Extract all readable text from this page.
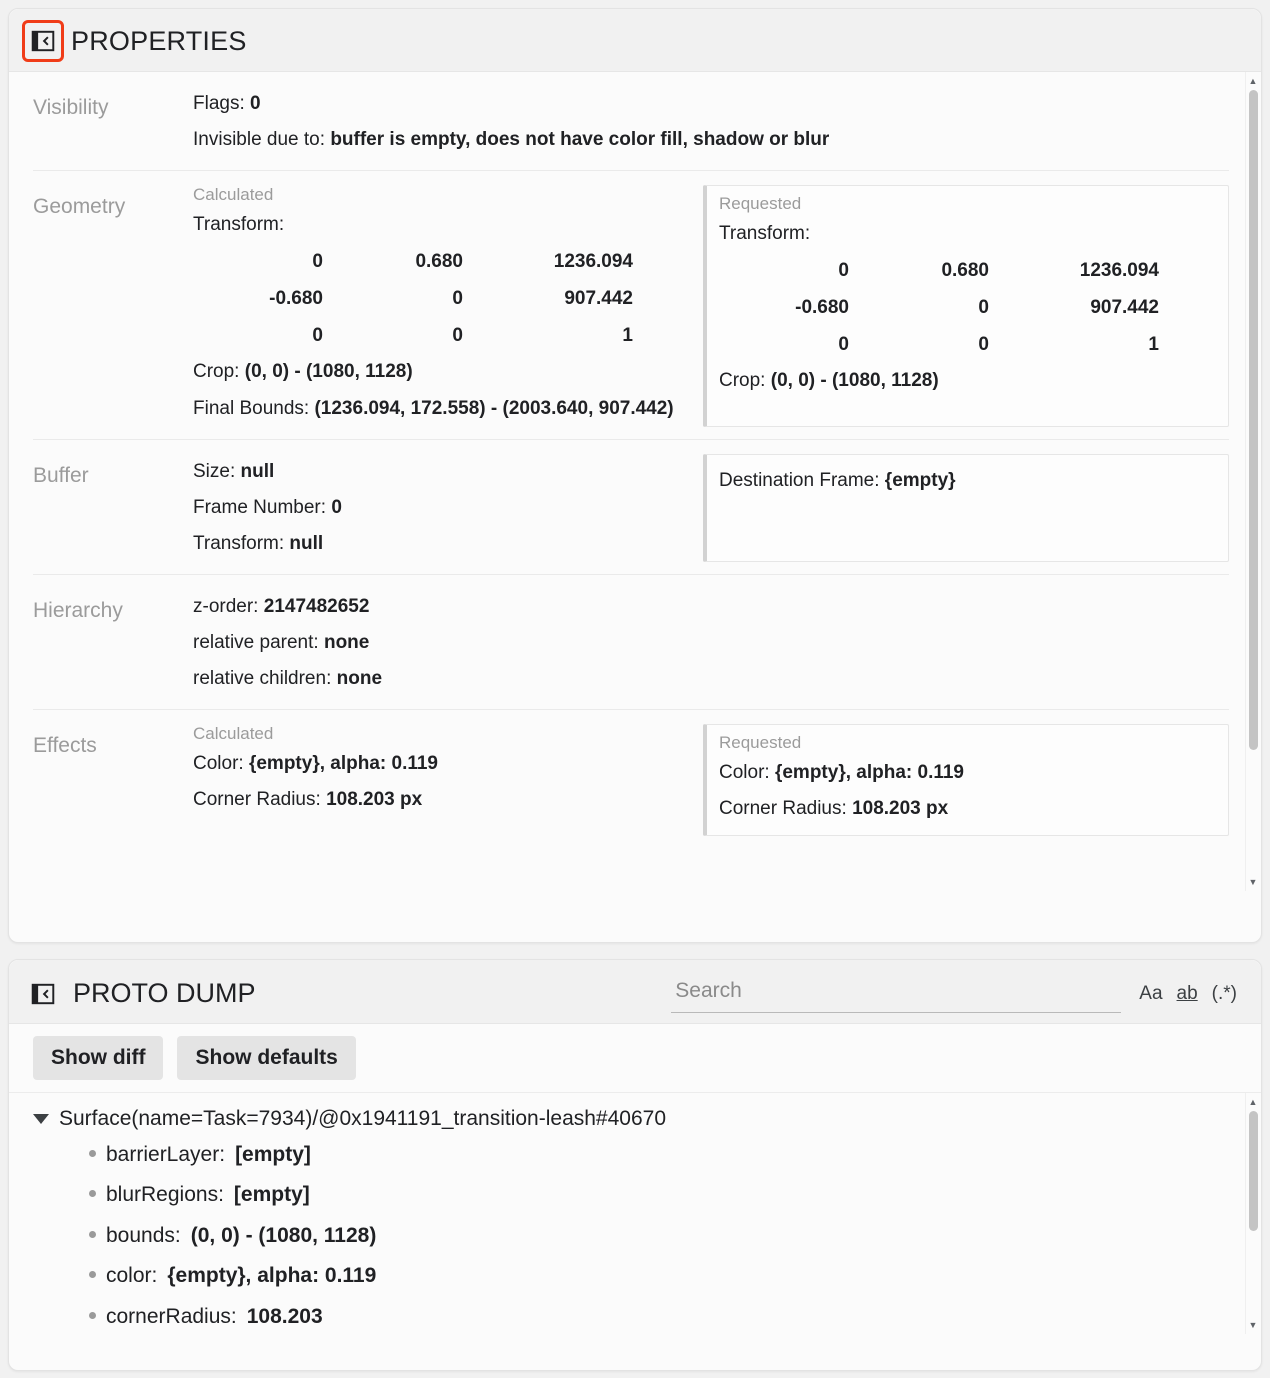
PROPERTIES
Visibility	Flags: 0
Invisible due to: buffer is empty, does not have color fill, shadow or blur
Geometry
Calculated
Transform:
0	0.680	1236.094
-0.680	0	907.442
0	0	1
Crop: (0, 0) - (1080, 1128)
Final Bounds: (1236.094, 172.558) - (2003.640, 907.442)
Requested
Transform:
0	0.680	1236.094
-0.680	0	907.442
0	0	1
Crop: (0, 0) - (1080, 1128)
Buffer	Size: null
Frame Number: 0
Transform: null
Destination Frame: {empty}
Hierarchy	z-order: 2147482652
relative parent: none
relative children: none
Effects
Calculated
Color: {empty}, alpha: 0.119
Corner Radius: 108.203 px
Requested
Color: {empty}, alpha: 0.119
Corner Radius: 108.203 px
▲
▼
PROTO DUMP
Search	Aa ab (.*)
Show diff	Show defaults
Surface(name=Task=7934)/@0x1941191_transition-leash#40670
barrierLayer: [empty]
blurRegions: [empty]
bounds: (0, 0) - (1080, 1128)
color: {empty}, alpha: 0.119
cornerRadius: 108.203
▲
▼
